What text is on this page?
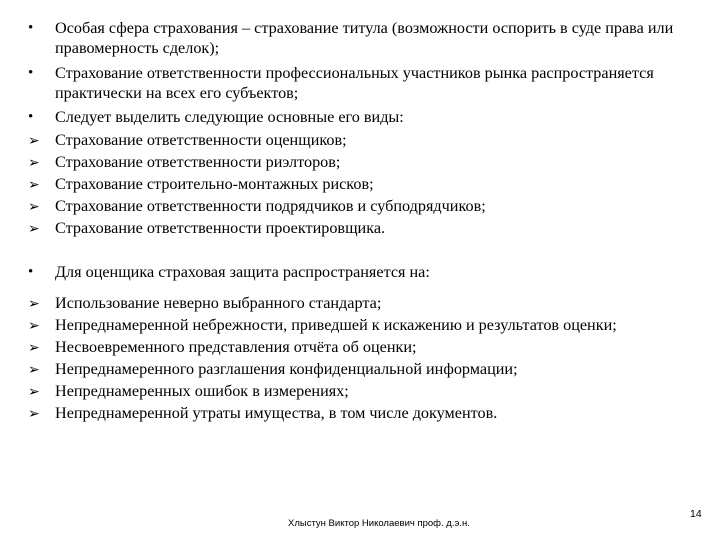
•	Особая сфера страхования – страхование титула (возможности оспорить в суде права или правомерность сделок);
•	Страхование ответственности профессиональных участников рынка распространяется практически на всех его субъектов;
•	Следует выделить следующие основные его виды:
➢ Страхование ответственности оценщиков;
➢ Страхование ответственности риэлторов;
➢ Страхование строительно-монтажных рисков;
➢ Страхование ответственности подрядчиков и субподрядчиков;
➢ Страхование ответственности проектировщика.
•	Для оценщика страховая защита распространяется на:
➢ Использование неверно выбранного стандарта;
➢ Непреднамеренной небрежности, приведшей к искажению и результатов оценки;
➢ Несвоевременного представления отчёта об оценки;
➢ Непреднамеренного разглашения конфиденциальной информации;
➢ Непреднамеренных ошибок в измерениях;
➢ Непреднамеренной утраты имущества, в том числе документов.
Хлыстун Виктор Николаевич проф. д.э.н.
14
